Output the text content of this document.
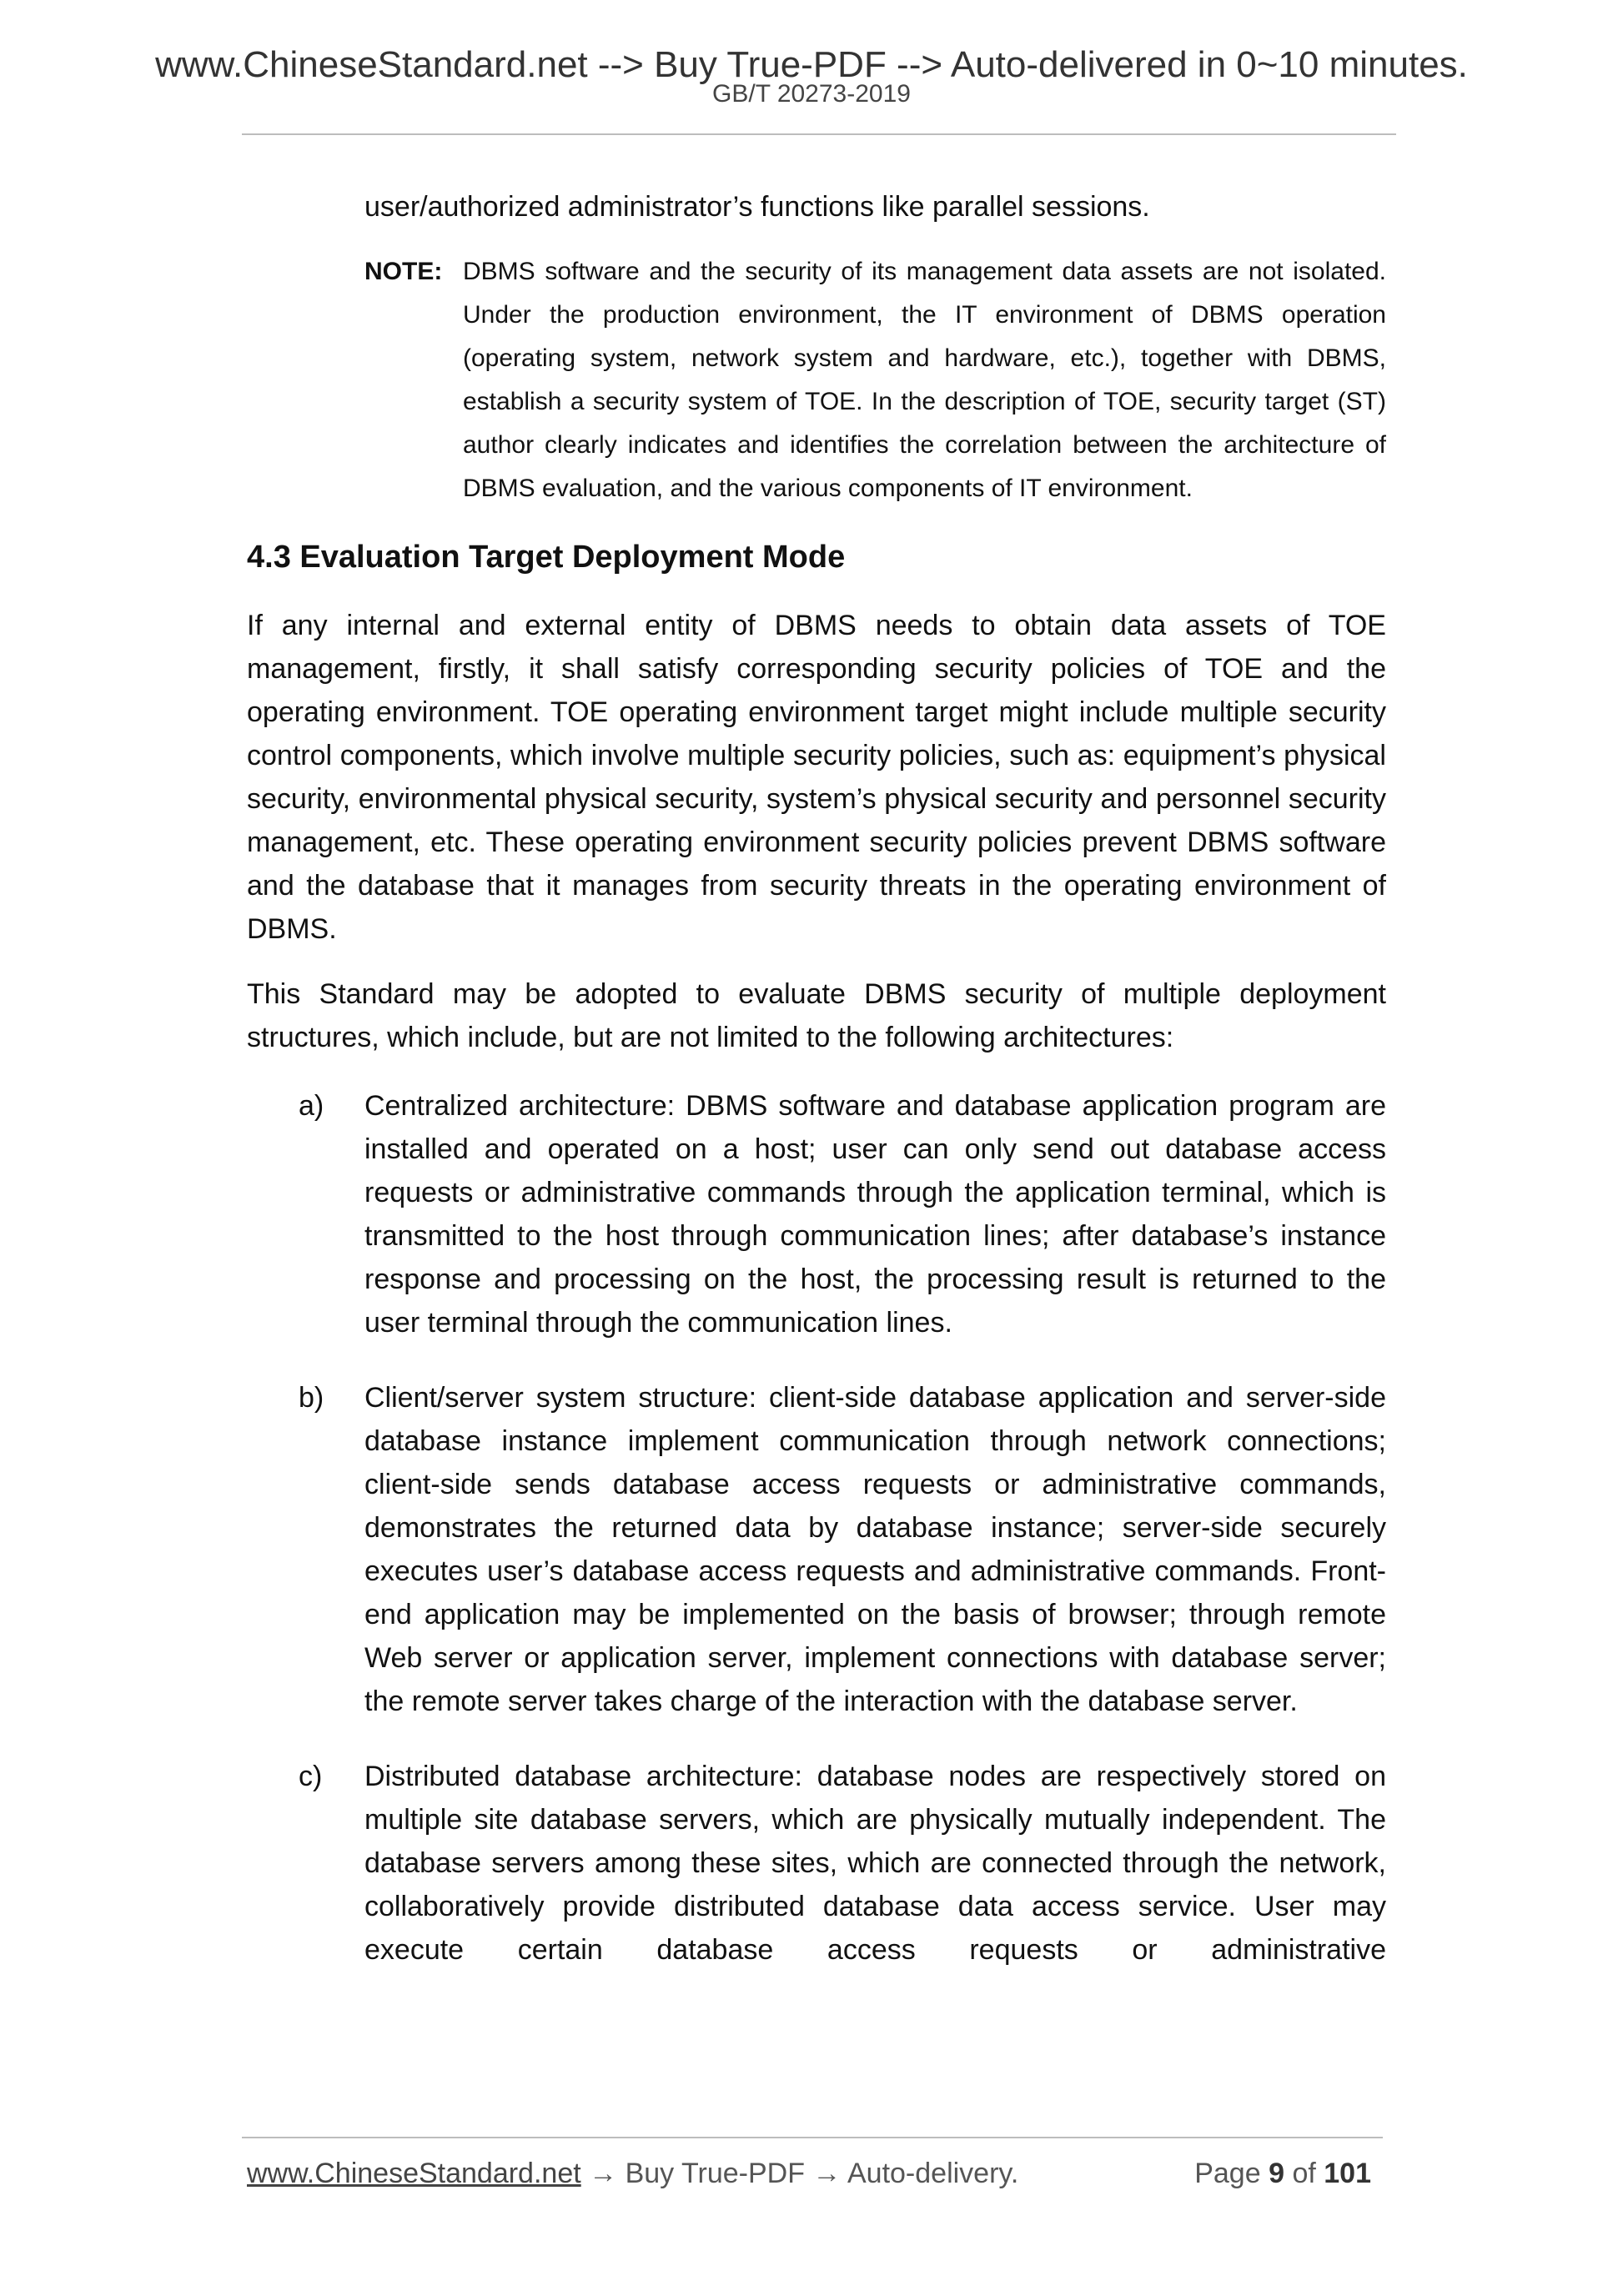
www.ChineseStandard.net --> Buy True-PDF --> Auto-delivered in 0~10 minutes.
GB/T 20273-2019

user/authorized administrator’s functions like parallel sessions.

NOTE: DBMS software and the security of its management data assets are not isolated. Under the production environment, the IT environment of DBMS operation (operating system, network system and hardware, etc.), together with DBMS, establish a security system of TOE. In the description of TOE, security target (ST) author clearly indicates and identifies the correlation between the architecture of DBMS evaluation, and the various components of IT environment.
4.3 Evaluation Target Deployment Mode

If any internal and external entity of DBMS needs to obtain data assets of TOE management, firstly, it shall satisfy corresponding security policies of TOE and the operating environment. TOE operating environment target might include multiple security control components, which involve multiple security policies, such as: equipment’s physical security, environmental physical security, system’s physical security and personnel security management, etc. These operating environment security policies prevent DBMS software and the database that it manages from security threats in the operating environment of DBMS.

This Standard may be adopted to evaluate DBMS security of multiple deployment structures, which include, but are not limited to the following architectures:

a)	Centralized architecture: DBMS software and database application program are installed and operated on a host; user can only send out database access requests or administrative commands through the application terminal, which is transmitted to the host through communication lines; after database’s instance response and processing on the host, the processing result is returned to the user terminal through the communication lines.
b)	Client/server system structure: client-side database application and server-side database instance implement communication through network connections; client-side sends database access requests or administrative commands, demonstrates the returned data by database instance; server-side securely executes user’s database access requests and administrative commands. Front-end application may be implemented on the basis of browser; through remote Web server or application server, implement connections with database server; the remote server takes charge of the interaction with the database server.
c)	Distributed database architecture: database nodes are respectively stored on multiple site database servers, which are physically mutually independent. The database servers among these sites, which are connected through the network, collaboratively provide distributed database data access service. User may execute certain database access requests or administrative
www.ChineseStandard.net → Buy True-PDF → Auto-delivery.	Page 9 of 101
